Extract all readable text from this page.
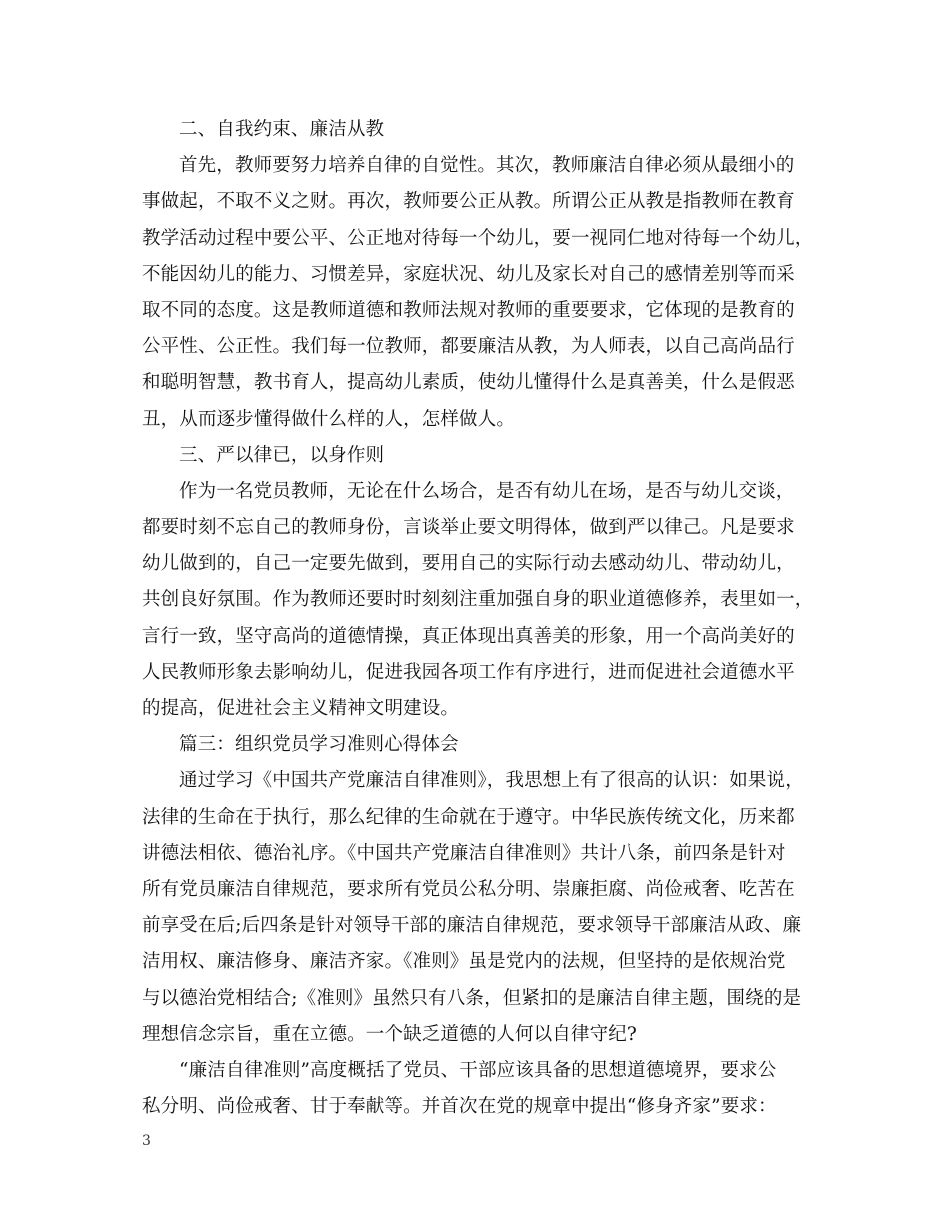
二、自我约束、廉洁从教
首先，教师要努力培养自律的自觉性。其次，教师廉洁自律必须从最细小的
事做起，不取不义之财。再次，教师要公正从教。所谓公正从教是指教师在教育
教学活动过程中要公平、公正地对待每一个幼儿，要一视同仁地对待每一个幼儿，
不能因幼儿的能力、习惯差异，家庭状况、幼儿及家长对自己的感情差别等而采
取不同的态度。这是教师道德和教师法规对教师的重要要求，它体现的是教育的
公平性、公正性。我们每一位教师，都要廉洁从教，为人师表，以自己高尚品行
和聪明智慧，教书育人，提高幼儿素质，使幼儿懂得什么是真善美，什么是假恶
丑，从而逐步懂得做什么样的人，怎样做人。
三、严以律已，以身作则
作为一名党员教师，无论在什么场合，是否有幼儿在场，是否与幼儿交谈，
都要时刻不忘自己的教师身份，言谈举止要文明得体，做到严以律己。凡是要求
幼儿做到的，自己一定要先做到，要用自己的实际行动去感动幼儿、带动幼儿，
共创良好氛围。作为教师还要时时刻刻注重加强自身的职业道德修养，表里如一，
言行一致，坚守高尚的道德情操，真正体现出真善美的形象，用一个高尚美好的
人民教师形象去影响幼儿，促进我园各项工作有序进行，进而促进社会道德水平
的提高，促进社会主义精神文明建设。
篇三：组织党员学习准则心得体会
通过学习《中国共产党廉洁自律准则》，我思想上有了很高的认识：如果说，
法律的生命在于执行，那么纪律的生命就在于遵守。中华民族传统文化，历来都
讲德法相依、德治礼序。《中国共产党廉洁自律准则》共计八条，前四条是针对
所有党员廉洁自律规范，要求所有党员公私分明、崇廉拒腐、尚俭戒奢、吃苦在
前享受在后;后四条是针对领导干部的廉洁自律规范，要求领导干部廉洁从政、廉
洁用权、廉洁修身、廉洁齐家。《准则》虽是党内的法规，但坚持的是依规治党
与以德治党相结合;《准则》虽然只有八条，但紧扣的是廉洁自律主题，围绕的是
理想信念宗旨，重在立德。一个缺乏道德的人何以自律守纪?
“廉洁自律准则”高度概括了党员、干部应该具备的思想道德境界，要求公
私分明、尚俭戒奢、甘于奉献等。并首次在党的规章中提出“修身齐家”要求：
3
